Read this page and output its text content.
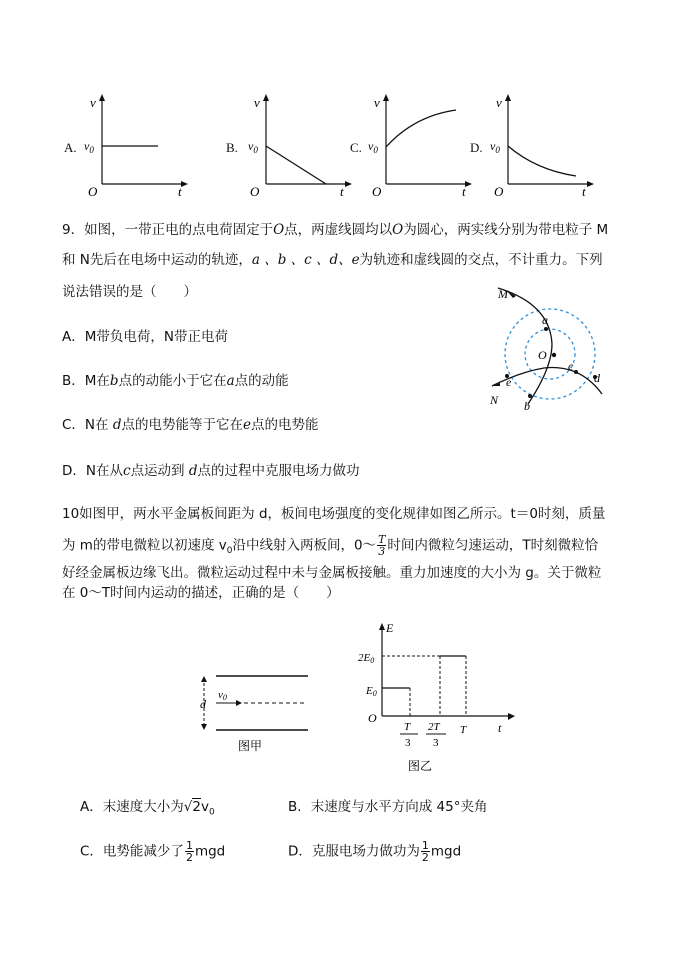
A.
v
t
O
$v_0$	B.
v
t
O
$v_0$	C.
v
t
O
$v_0$	D.
v
t
O
$v_0$
9．如图，一带正电的点电荷固定于O点，两虚线圆均以O为圆心，两实线分别为带电粒子 M
和 N先后在电场中运动的轨迹，a 、b 、c 、d、e为轨迹和虚线圆的交点，不计重力。下列
说法错误的是（　　）
A．M带负电荷，N带正电荷
B．M在b点的动能小于它在a点的动能
C．N在 d点的电势能等于它在e点的电势能
D．N在从c点运动到 d点的过程中克服电场力做功
M
N
O
a
b
c
d
e
10如图甲，两水平金属板间距为 d，板间电场强度的变化规律如图乙所示。t＝0时刻，质量
为 m的带电微粒以初速度 $v_0$沿中线射入两板间，0～ $\frac{T}{3}$ 时间内微粒匀速运动，T时刻微粒恰
好经金属板边缘飞出。微粒运动过程中未与金属板接触。重力加速度的大小为 g。关于微粒
在 0～T时间内运动的描述，正确的是（　　）
d
v0
图甲
E
t
O
E0
2E0
T
3
2T
3
T
图乙
A．末速度大小为$√2v_0$	B．末速度与水平方向成 45°夹角
C．电势能减少了 $\frac{1}{2}$ mgd	D．克服电场力做功为 $\frac{1}{2}$ mgd
